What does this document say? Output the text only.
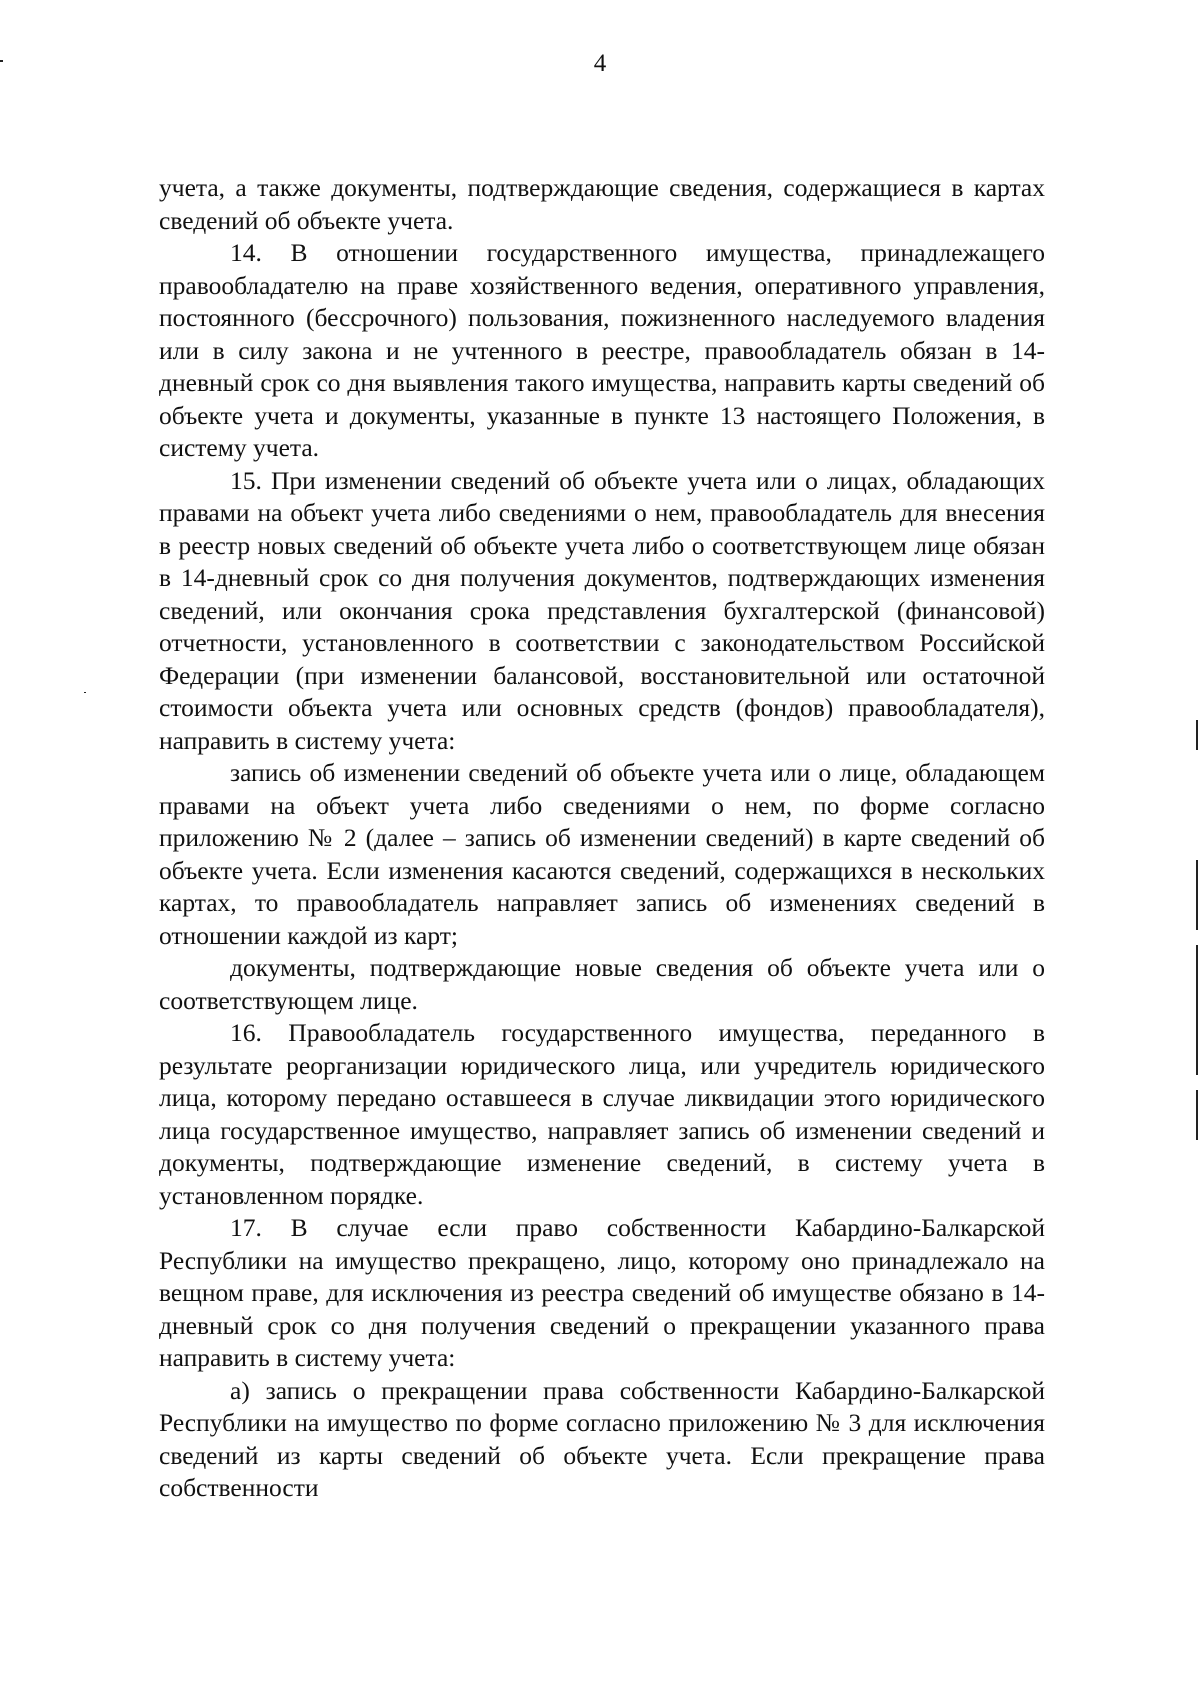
4

учета, а также документы, подтверждающие сведения, содержащиеся в картах сведений об объекте учета.

14. В отношении государственного имущества, принадлежащего правообладателю на праве хозяйственного ведения, оперативного управления, постоянного (бессрочного) пользования, пожизненного наследуемого владения или в силу закона и не учтенного в реестре, правообладатель обязан в 14-дневный срок со дня выявления такого имущества, направить карты сведений об объекте учета и документы, указанные в пункте 13 настоящего Положения, в систему учета.

15. При изменении сведений об объекте учета или о лицах, обладающих правами на объект учета либо сведениями о нем, правообладатель для внесения в реестр новых сведений об объекте учета либо о соответствующем лице обязан в 14-дневный срок со дня получения документов, подтверждающих изменения сведений, или окончания срока представления бухгалтерской (финансовой) отчетности, установленного в соответствии с законодательством Российской Федерации (при изменении балансовой, восстановительной или остаточной стоимости объекта учета или основных средств (фондов) правообладателя), направить в систему учета:

запись об изменении сведений об объекте учета или о лице, обладающем правами на объект учета либо сведениями о нем, по форме согласно приложению № 2 (далее – запись об изменении сведений) в карте сведений об объекте учета. Если изменения касаются сведений, содержащихся в нескольких картах, то правообладатель направляет запись об изменениях сведений в отношении каждой из карт;

документы, подтверждающие новые сведения об объекте учета или о соответствующем лице.

16. Правообладатель государственного имущества, переданного в результате реорганизации юридического лица, или учредитель юридического лица, которому передано оставшееся в случае ликвидации этого юридического лица государственное имущество, направляет запись об изменении сведений и документы, подтверждающие изменение сведений, в систему учета в установленном порядке.

17. В случае если право собственности Кабардино-Балкарской Республики на имущество прекращено, лицо, которому оно принадлежало на вещном праве, для исключения из реестра сведений об имуществе обязано в 14-дневный срок со дня получения сведений о прекращении указанного права направить в систему учета:

а) запись о прекращении права собственности Кабардино-Балкарской Республики на имущество по форме согласно приложению № 3 для исключения сведений из карты сведений об объекте учета. Если прекращение права собственности
